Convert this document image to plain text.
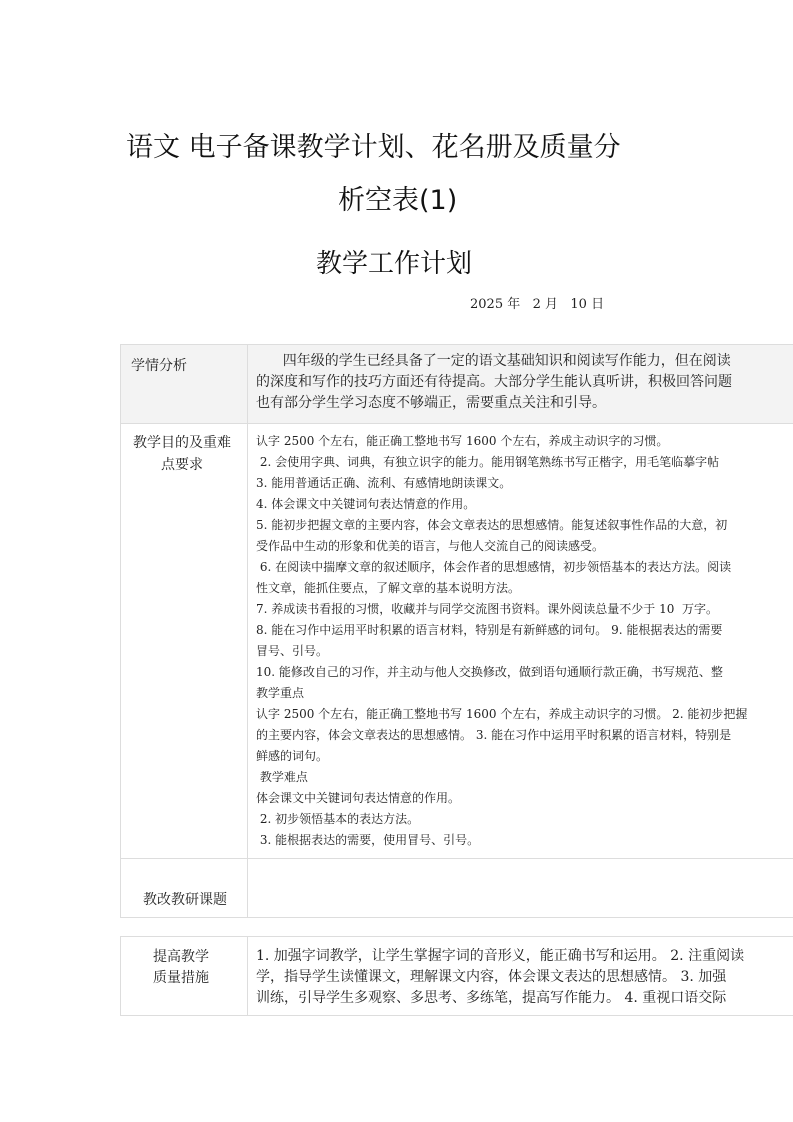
语文 电子备课教学计划、花名册及质量分
析空表(1)
教学工作计划
2025 年   2 月   10 日
学情分析	四年级的学生已经具备了一定的语文基础知识和阅读写作能力，但在阅读
的深度和写作的技巧方面还有待提高。大部分学生能认真听讲，积极回答问题
也有部分学生学习态度不够端正，需要重点关注和引导。
教学目的及重难点要求
认字 2500 个左右，能正确工整地书写 1600 个左右，养成主动识字的习惯。
2. 会使用字典、词典，有独立识字的能力。能用钢笔熟练书写正楷字，用毛笔临摹字帖
3. 能用普通话正确、流利、有感情地朗读课文。
4. 体会课文中关键词句表达情意的作用。
5. 能初步把握文章的主要内容，体会文章表达的思想感情。能复述叙事性作品的大意，初
受作品中生动的形象和优美的语言，与他人交流自己的阅读感受。
6. 在阅读中揣摩文章的叙述顺序，体会作者的思想感情，初步领悟基本的表达方法。阅读
性文章，能抓住要点，了解文章的基本说明方法。
7. 养成读书看报的习惯，收藏并与同学交流图书资料。课外阅读总量不少于 10  万字。
8. 能在习作中运用平时积累的语言材料，特别是有新鲜感的词句。 9. 能根据表达的需要
冒号、引号。
10. 能修改自己的习作，并主动与他人交换修改，做到语句通顺行款正确，书写规范、整
教学重点
认字 2500 个左右，能正确工整地书写 1600 个左右，养成主动识字的习惯。 2. 能初步把握
的主要内容，体会文章表达的思想感情。 3. 能在习作中运用平时积累的语言材料，特别是
鲜感的词句。
教学难点
体会课文中关键词句表达情意的作用。
2. 初步领悟基本的表达方法。
3. 能根据表达的需要，使用冒号、引号。
教改教研课题
提高教学
质量措施
1. 加强字词教学，让学生掌握字词的音形义，能正确书写和运用。 2. 注重阅读
学，指导学生读懂课文，理解课文内容，体会课文表达的思想感情。 3. 加强
训练，引导学生多观察、多思考、多练笔，提高写作能力。 4. 重视口语交际
